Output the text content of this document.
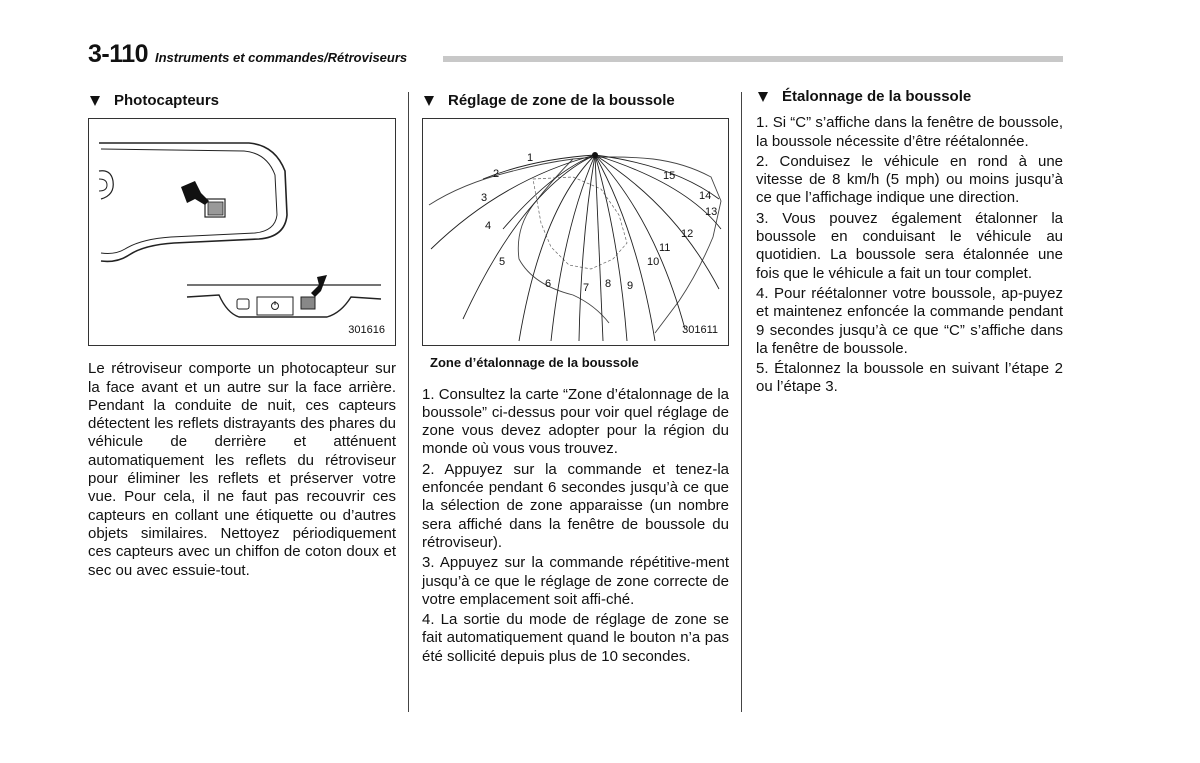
3-110 Instruments et commandes/Rétroviseurs
Photocapteurs
301616

Le rétroviseur comporte un photocapteur sur la face avant et un autre sur la face arrière. Pendant la conduite de nuit, ces capteurs détectent les reflets distrayants des phares du véhicule de derrière et atténuent automatiquement les reflets du rétroviseur pour éliminer les reflets et préserver votre vue. Pour cela, il ne faut pas recouvrir ces capteurs en collant une étiquette ou d’autres objets similaires. Nettoyez périodiquement ces capteurs avec un chiffon de coton doux et sec ou avec essuie-tout.

Réglage de zone de la boussole
1
2
3
4
5
6	7 8 9
10
11
12
13
14
15
301611
Zone d’étalonnage de la boussole

1. Consultez la carte “Zone d’étalonnage de la boussole” ci-dessus pour voir quel réglage de zone vous devez adopter pour la région du monde où vous vous trouvez.

2. Appuyez sur la commande et tenez-la enfoncée pendant 6 secondes jusqu’à ce que la sélection de zone apparaisse (un nombre sera affiché dans la fenêtre de boussole du rétroviseur).

3. Appuyez sur la commande répétitive-ment jusqu’à ce que le réglage de zone correcte de votre emplacement soit affi-ché.

4. La sortie du mode de réglage de zone se fait automatiquement quand le bouton n’a pas été sollicité depuis plus de 10 secondes.

Étalonnage de la boussole

1. Si “C” s’affiche dans la fenêtre de boussole, la boussole nécessite d’être réétalonnée.

2. Conduisez le véhicule en rond à une vitesse de 8 km/h (5 mph) ou moins jusqu’à ce que l’affichage indique une direction.

3. Vous pouvez également étalonner la boussole en conduisant le véhicule au quotidien. La boussole sera étalonnée une fois que le véhicule a fait un tour complet.

4. Pour réétalonner votre boussole, ap-puyez et maintenez enfoncée la commande pendant 9 secondes jusqu’à ce que “C” s’affiche dans la fenêtre de boussole.

5. Étalonnez la boussole en suivant l’étape 2 ou l’étape 3.
